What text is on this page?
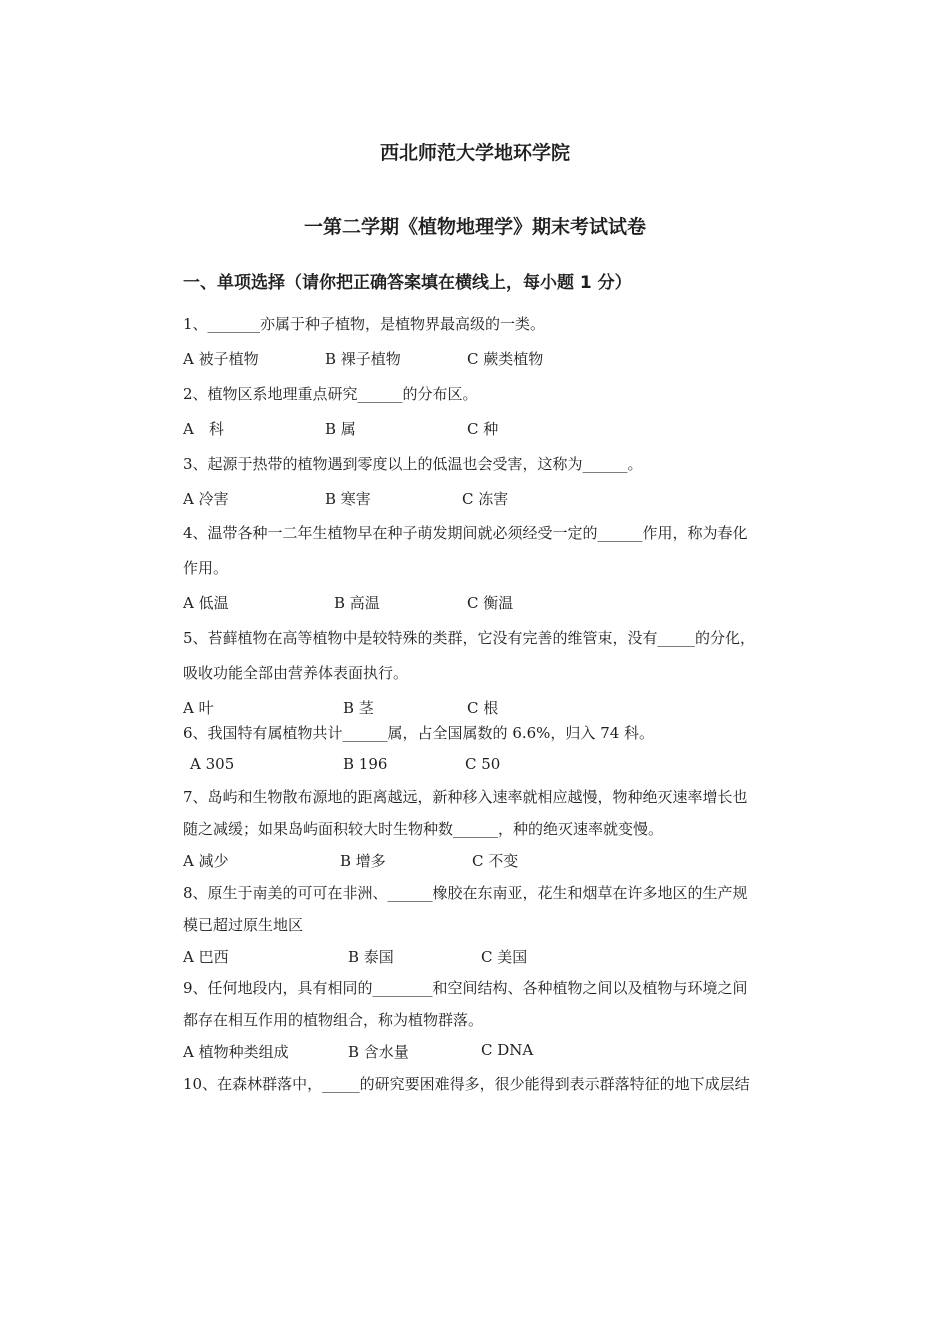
西北师范大学地环学院
一第二学期《植物地理学》期末考试试卷
一、单项选择（请你把正确答案填在横线上，每小题 1 分）
1、_______亦属于种子植物，是植物界最高级的一类。
A 被子植物	B 裸子植物	C 蕨类植物
2、植物区系地理重点研究______的分布区。
A　科	B 属	C 种
3、起源于热带的植物遇到零度以上的低温也会受害，这称为______。
A 冷害	B 寒害	C 冻害
4、温带各种一二年生植物早在种子萌发期间就必须经受一定的______作用，称为春化
作用。
A 低温	B 高温	C 衡温
5、苔藓植物在高等植物中是较特殊的类群，它没有完善的维管束，没有_____的分化，
吸收功能全部由营养体表面执行。
A 叶	B 茎	C 根
6、我国特有属植物共计______属，占全国属数的 6.6%，归入 74 科。
A 305	B 196	C 50
7、岛屿和生物散布源地的距离越远，新种移入速率就相应越慢，物种绝灭速率增长也
随之减缓；如果岛屿面积较大时生物种数______，种的绝灭速率就变慢。
A 减少	B 增多	C 不变
8、原生于南美的可可在非洲、______橡胶在东南亚，花生和烟草在许多地区的生产规
模已超过原生地区
A 巴西	B 泰国	C 美国
9、任何地段内，具有相同的________和空间结构、各种植物之间以及植物与环境之间
都存在相互作用的植物组合，称为植物群落。
A 植物种类组成	B 含水量	C DNA
10、在森林群落中，_____的研究要困难得多，很少能得到表示群落特征的地下成层结
